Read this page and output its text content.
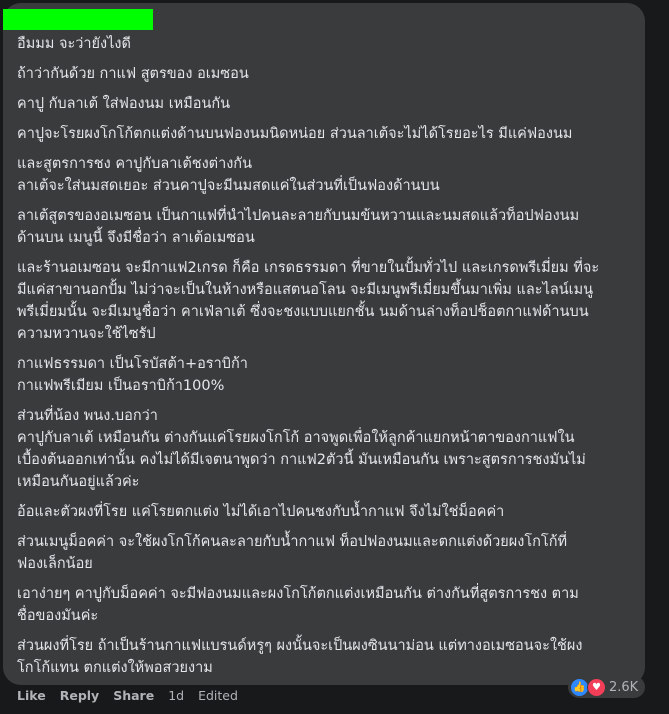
อืมมม จะว่ายังไงดี
ถ้าว่ากันด้วย กาแฟ สูตรของ อเมซอน
คาปู กับลาเต้ ใส่ฟองนม เหมือนกัน
คาปูจะโรยผงโกโก้ตกแต่งด้านบนฟองนมนิดหน่อย ส่วนลาเต้จะไม่ได้โรยอะไร มีแค่ฟองนม
และสูตรการชง คาปูกับลาเต้ชงต่างกัน
ลาเต้จะใส่นมสดเยอะ ส่วนคาปูจะมีนมสดแค่ในส่วนที่เป็นฟองด้านบน
ลาเต้สูตรของอเมซอน เป็นกาแฟที่นำไปคนละลายกับนมข้นหวานและนมสดแล้วท็อปฟองนม
ด้านบน เมนูนี้ จึงมีชื่อว่า ลาเต้อเมซอน
และร้านอเมซอน จะมีกาแฟ2เกรด ก็คือ เกรดธรรมดา ที่ขายในปั้มทั่วไป และเกรดพรีเมี่ยม ที่จะ
มีแค่สาขานอกปั้ม ไม่ว่าจะเป็นในห้างหรือแสตนอโลน จะมีเมนูพรีเมี่ยมขึ้นมาเพิ่ม และไลน์เมนู
พรีเมี่ยมนั้น จะมีเมนูชื่อว่า คาเฟ่ลาเต้ ซึ่งจะชงแบบแยกชั้น นมด้านล่างท็อปช็อตกาแฟด้านบน
ความหวานจะใช้ไซรัป
กาแฟธรรมดา เป็นโรบัสต้า+อราบิก้า
กาแฟพรีเมียม เป็นอราบิก้า100%
ส่วนที่น้อง พนง.บอกว่า
คาปูกับลาเต้ เหมือนกัน ต่างกันแค่โรยผงโกโก้ อาจพูดเพื่อให้ลูกค้าแยกหน้าตาของกาแฟใน
เบื้องต้นออกเท่านั้น คงไม่ได้มีเจตนาพูดว่า กาแฟ2ตัวนี้ มันเหมือนกัน เพราะสูตรการชงมันไม่
เหมือนกันอยู่แล้วค่ะ
อ้อและตัวผงที่โรย แค่โรยตกแต่ง ไม่ได้เอาไปคนชงกับน้ำกาแฟ จึงไม่ใช่ม็อคค่า
ส่วนเมนูม็อคค่า จะใช้ผงโกโก้คนละลายกับน้ำกาแฟ ท็อปฟองนมและตกแต่งด้วยผงโกโก้ที่
ฟองเล็กน้อย
เอาง่ายๆ คาปูกับม็อคค่า จะมีฟองนมและผงโกโก้ตกแต่งเหมือนกัน ต่างกันที่สูตรการชง ตาม
ชื่อของมันค่ะ
ส่วนผงที่โรย ถ้าเป็นร้านกาแฟแบรนด์หรูๆ ผงนั้นจะเป็นผงซินนาม่อน แต่ทางอเมซอนจะใช้ผง
โกโก้แทน ตกแต่งให้พอสวยงาม
Like Reply Share 1d Edited
👍 ♥ 2.6K
